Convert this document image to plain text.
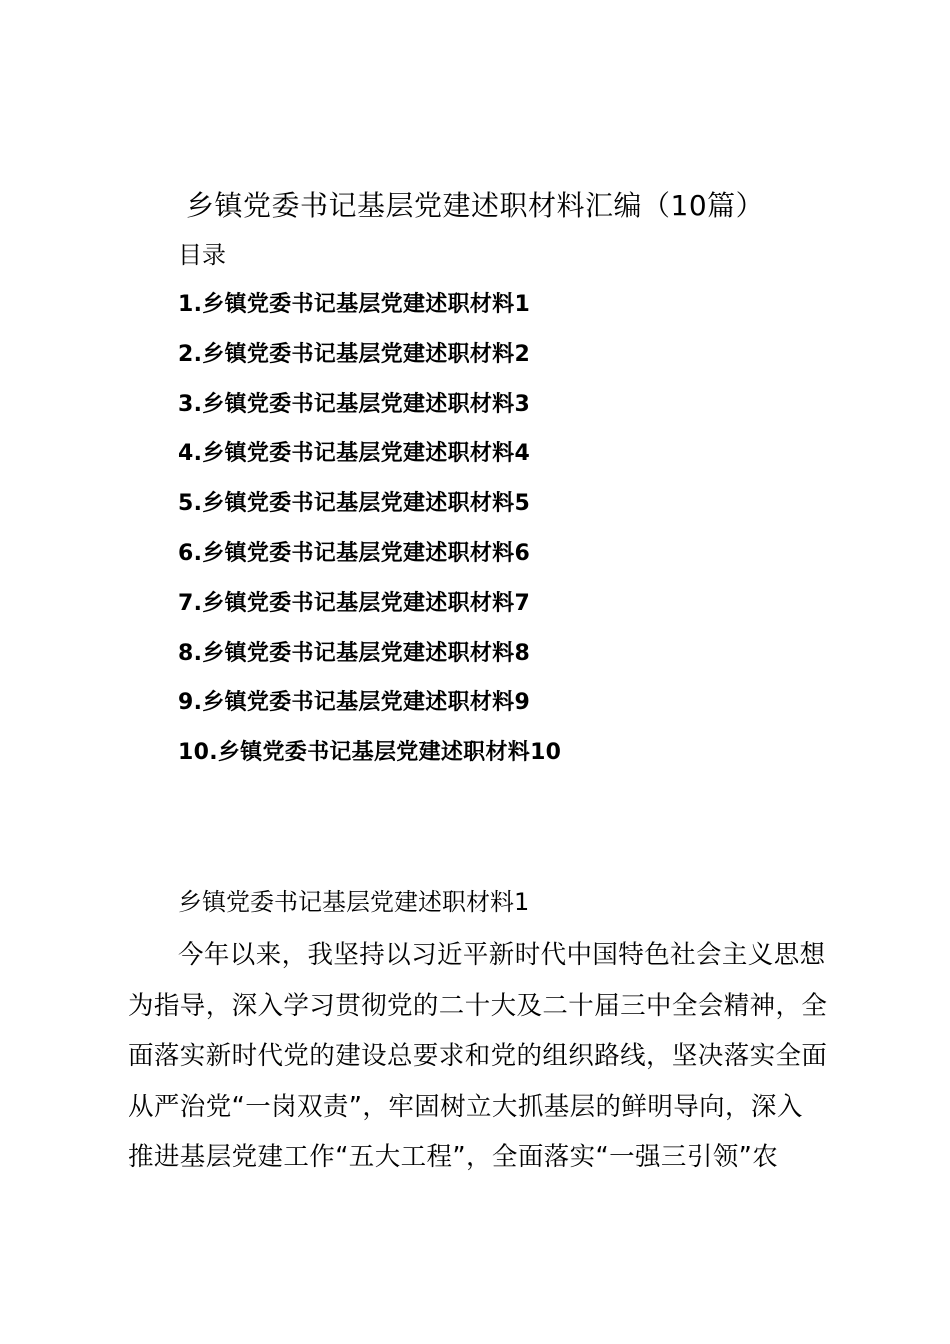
乡镇党委书记基层党建述职材料汇编（10篇）
目录
1.乡镇党委书记基层党建述职材料1
2.乡镇党委书记基层党建述职材料2
3.乡镇党委书记基层党建述职材料3
4.乡镇党委书记基层党建述职材料4
5.乡镇党委书记基层党建述职材料5
6.乡镇党委书记基层党建述职材料6
7.乡镇党委书记基层党建述职材料7
8.乡镇党委书记基层党建述职材料8
9.乡镇党委书记基层党建述职材料9
10.乡镇党委书记基层党建述职材料10
乡镇党委书记基层党建述职材料1
今年以来，我坚持以习近平新时代中国特色社会主义思想
为指导，深入学习贯彻党的二十大及二十届三中全会精神，全
面落实新时代党的建设总要求和党的组织路线，坚决落实全面
从严治党“一岗双责”，牢固树立大抓基层的鲜明导向，深入
推进基层党建工作“五大工程”，全面落实“一强三引领”农
